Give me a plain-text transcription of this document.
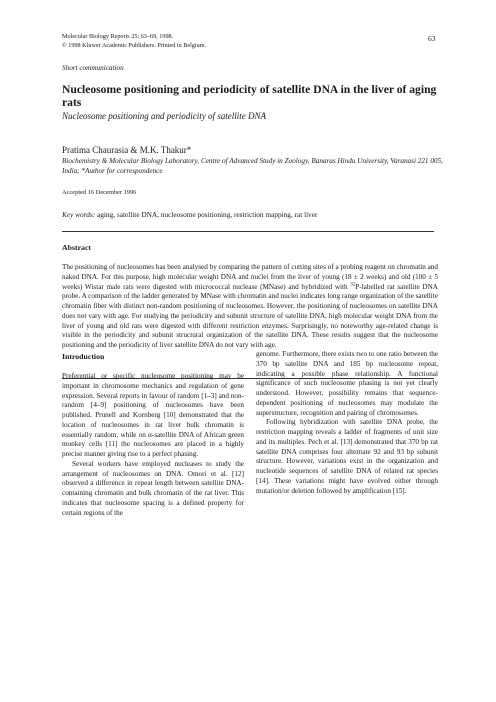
Molecular Biology Reports 25: 63–69, 1998.
© 1998 Kluwer Academic Publishers. Printed in Belgium.
63
Short communication
Nucleosome positioning and periodicity of satellite DNA in the liver of aging rats
Nucleosome positioning and periodicity of satellite DNA
Pratima Chaurasia & M.K. Thakur*
Biochemistry & Molecular Biology Laboratory, Centre of Advanced Study in Zoology, Banaras Hindu University, Varanasi 221 005, India; *Author for correspondence
Accepted 16 December 1996
Key words: aging, satellite DNA, nucleosome positioning, restriction mapping, rat liver
Abstract
The positioning of nucleosomes has been analysed by comparing the pattern of cutting sites of a probing reagent on chromatin and naked DNA. For this purpose, high molecular weight DNA and nuclei from the liver of young (18 ± 2 weeks) and old (100 ± 5 weeks) Wistar male rats were digested with micrococcal nuclease (MNase) and hybridized with $^{32}$P-labelled rat satellite DNA probe. A comparison of the ladder generated by MNase with chromatin and nuclei indicates long range organization of the satellite chromatin fiber with distinct non-random positioning of nucleosomes. However, the positioning of nucleosomes on satellite DNA does not vary with age. For studying the periodicity and subunit structure of satellite DNA, high molecular weight DNA from the liver of young and old rats were digested with different restriction enzymes. Surprisingly, no noteworthy age-related change is visible in the periodicity and subunit structural organization of the satellite DNA. These results suggest that the nucleosome positioning and the periodicity of liver satellite DNA do not vary with age.
Introduction

Preferential or specific nucleosome positioning may be important in chromosome mechanics and regulation of gene expression. Several reports in favour of random [1–3] and non-random [4–9] positioning of nucleosomes have been published. Prunell and Kornberg [10] demonstrated that the location of nucleosomes in rat liver bulk chromatin is essentially random, while on α-satellite DNA of African green monkey cells [11] the nucleosomes are placed in a highly precise manner giving rise to a perfect phasing.

Several workers have employed nucleases to study the arrangement of nucleosomes on DNA. Omori et al. [12] observed a difference in repeat length between satellite DNA-containing chromatin and bulk chromatin of the rat liver. This indicates that nucleosome spacing is a defined property for certain regions of the

genome. Furthermore, there exists two to one ratio between the 370 bp satellite DNA and 185 bp nucleosome repeat, indicating a possible phase relationship. A functional significance of such nucleosome phasing is not yet clearly understood. However, possibility remains that sequence-dependent positioning of nucleosomes may modulate the superstructure, recognition and pairing of chromosomes.

Following hybridization with satellite DNA probe, the restriction mapping reveals a ladder of fragments of unit size and its multiples. Pech et al. [13] demonstrated that 370 bp rat satellite DNA comprises four alternate 92 and 93 bp subunit structure. However, variations exist in the organization and nucleotide sequences of satellite DNA of related rat species [14]. These variations might have evolved either through mutation/or deletion followed by amplification [15].
